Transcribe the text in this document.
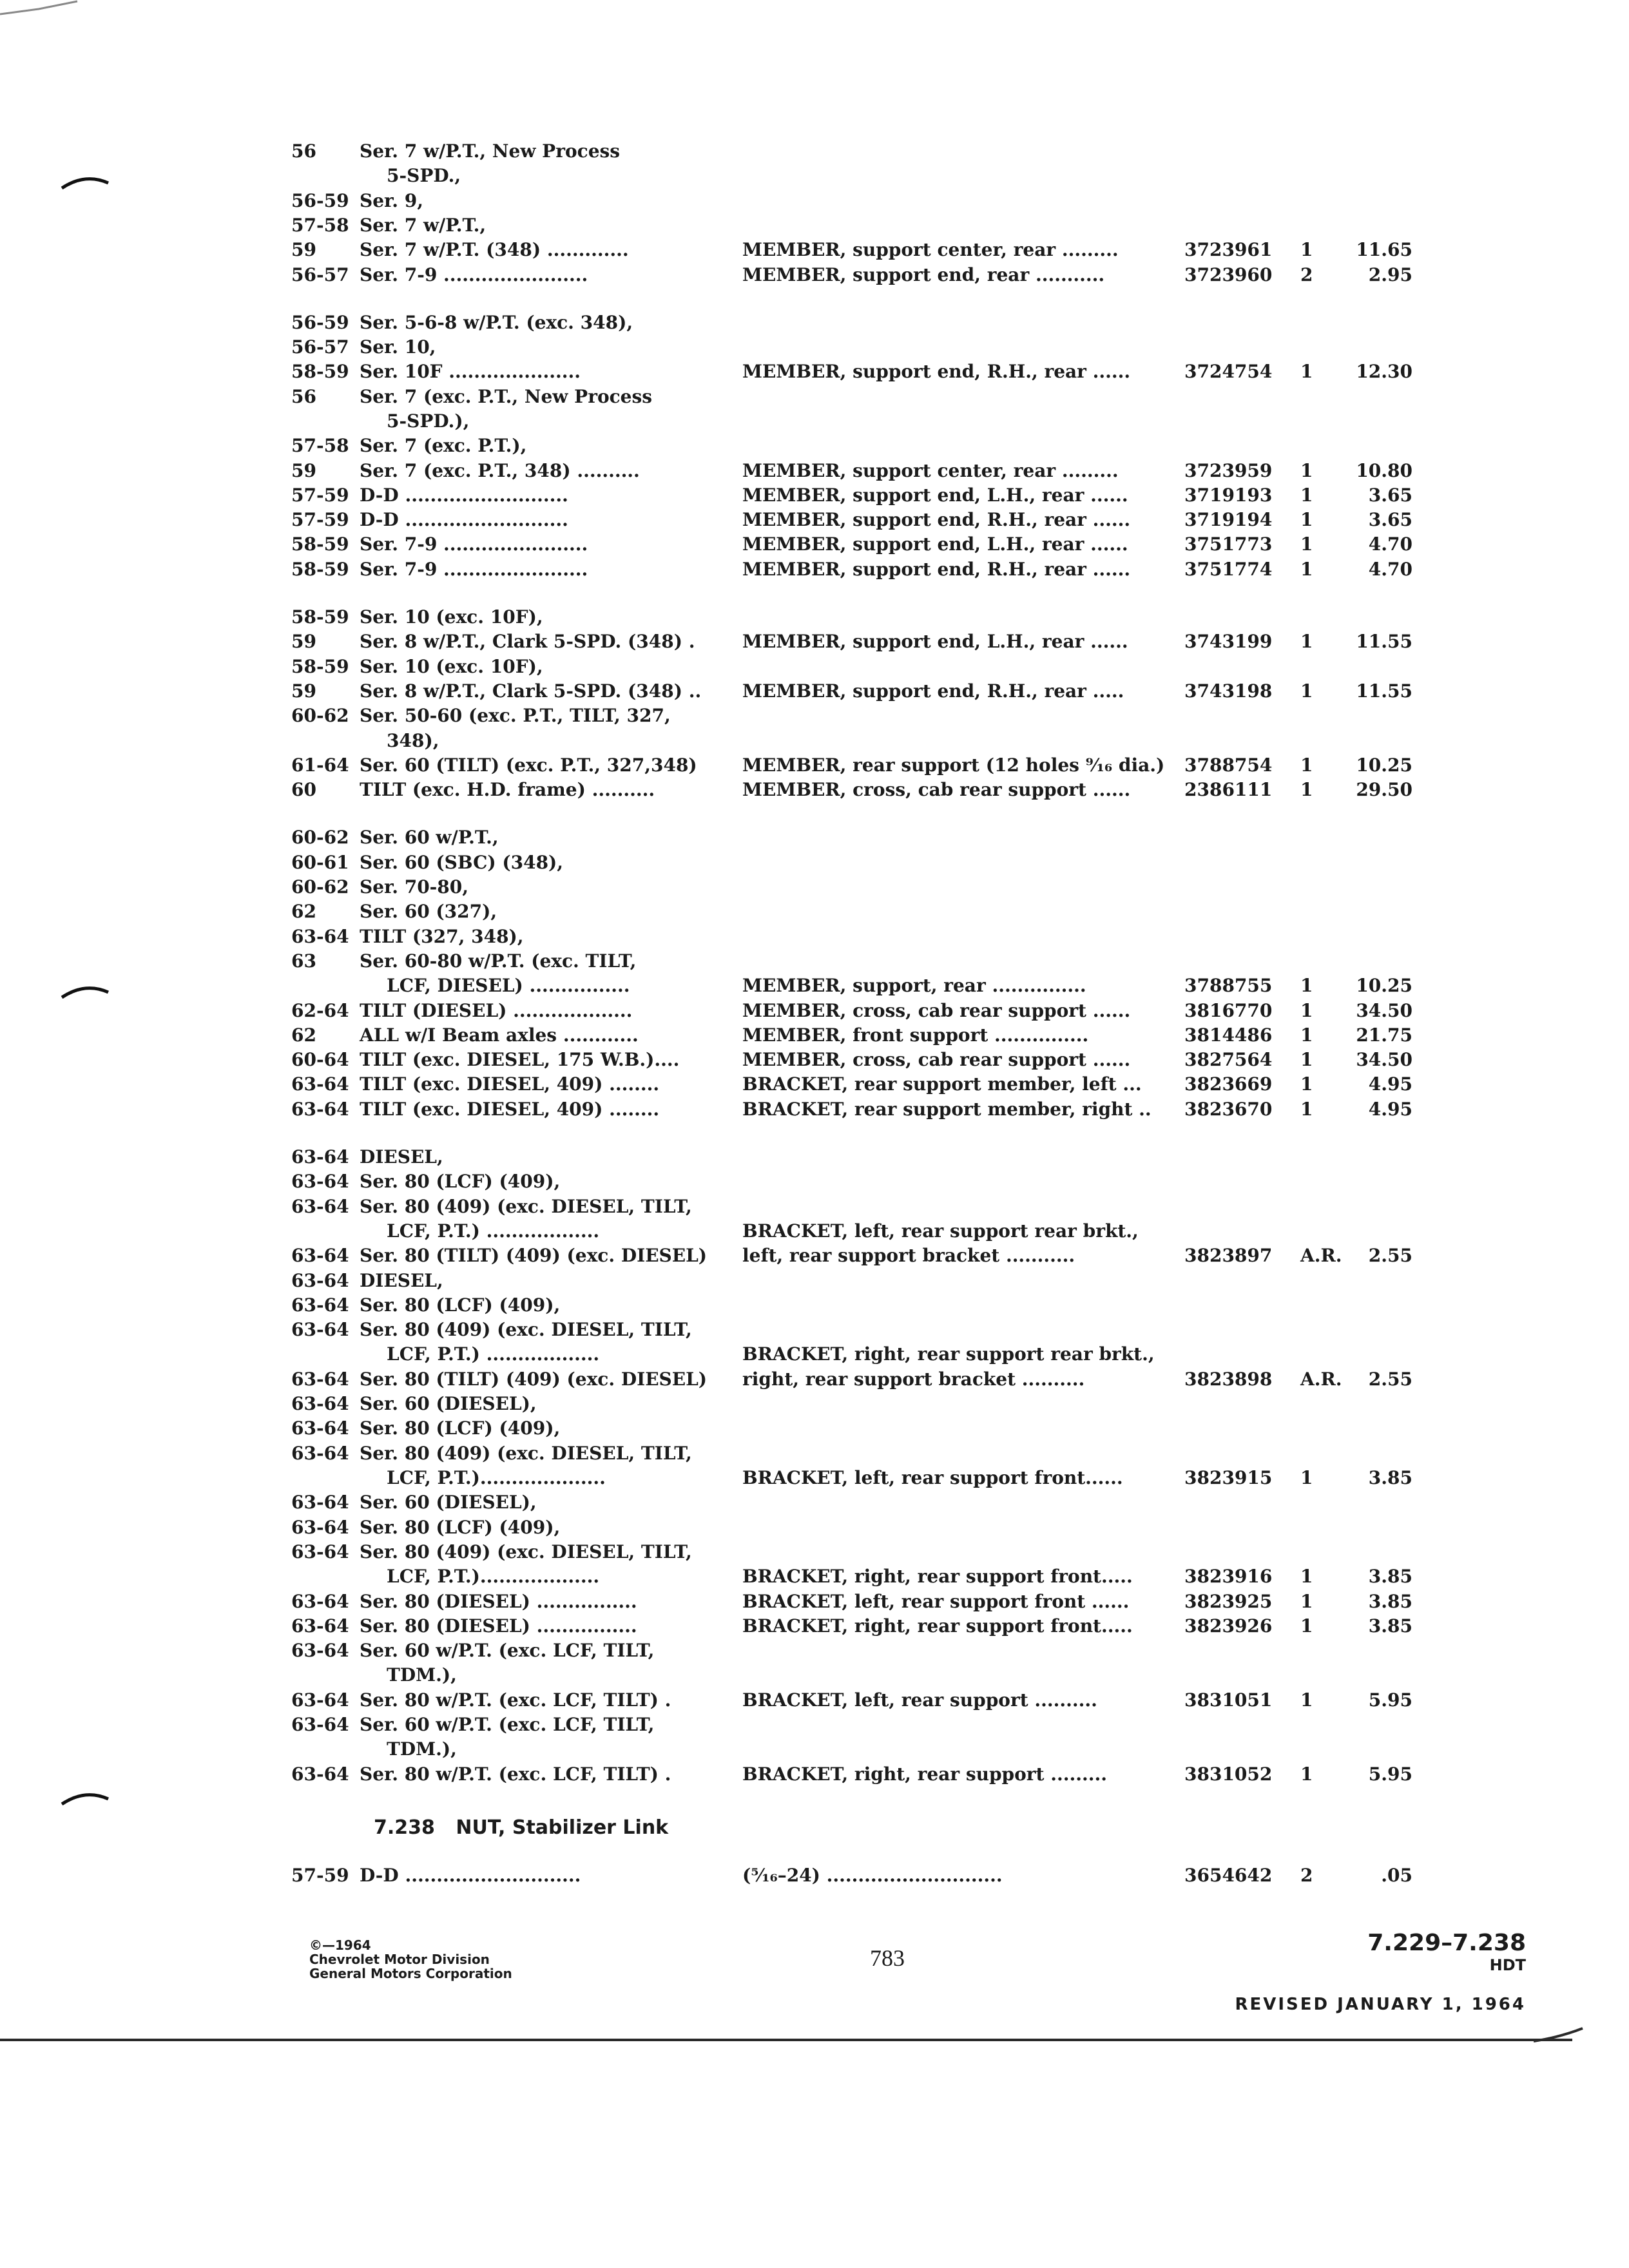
56 Ser. 7 w/P.T., New Process
5-SPD.,
56-59 Ser. 9,
57-58 Ser. 7 w/P.T.,
59 Ser. 7 w/P.T. (348) .............	MEMBER, support center, rear .........	3723961 1 11.65
56-57 Ser. 7-9 .......................	MEMBER, support end, rear ...........	3723960 2	2.95
56-59 Ser. 5-6-8 w/P.T. (exc. 348),
56-57 Ser. 10,
58-59 Ser. 10F .....................	MEMBER, support end, R.H., rear ......	3724754 1 12.30
56 Ser. 7 (exc. P.T., New Process
5-SPD.),
57-58 Ser. 7 (exc. P.T.),
59 Ser. 7 (exc. P.T., 348) ..........	MEMBER, support center, rear .........	3723959 1 10.80
57-59 D-D ..........................	MEMBER, support end, L.H., rear ......	3719193 1	3.65
57-59 D-D ..........................	MEMBER, support end, R.H., rear ......	3719194 1	3.65
58-59 Ser. 7-9 .......................	MEMBER, support end, L.H., rear ......	3751773 1	4.70
58-59 Ser. 7-9 .......................	MEMBER, support end, R.H., rear ......	3751774 1	4.70
58-59 Ser. 10 (exc. 10F),
59 Ser. 8 w/P.T., Clark 5-SPD. (348) .	MEMBER, support end, L.H., rear ......	3743199 1 11.55
58-59 Ser. 10 (exc. 10F),
59 Ser. 8 w/P.T., Clark 5-SPD. (348) .. MEMBER, support end, R.H., rear .....	3743198 1 11.55
60-62 Ser. 50-60 (exc. P.T., TILT, 327,
348),
61-64 Ser. 60 (TILT) (exc. P.T., 327,348)	MEMBER, rear support (12 holes ⁹⁄₁₆ dia.) 3788754 1 10.25
60 TILT (exc. H.D. frame) ..........	MEMBER, cross, cab rear support ......	2386111 1 29.50
60-62 Ser. 60 w/P.T.,
60-61 Ser. 60 (SBC) (348),
60-62 Ser. 70-80,
62 Ser. 60 (327),
63-64 TILT (327, 348),
63 Ser. 60-80 w/P.T. (exc. TILT,
LCF, DIESEL) ................	MEMBER, support, rear ...............	3788755 1 10.25
62-64 TILT (DIESEL) ...................	MEMBER, cross, cab rear support ......	3816770 1 34.50
62 ALL w/I Beam axles ............	MEMBER, front support ...............	3814486 1 21.75
60-64 TILT (exc. DIESEL, 175 W.B.)....	MEMBER, cross, cab rear support ......	3827564 1 34.50
63-64 TILT (exc. DIESEL, 409) ........	BRACKET, rear support member, left ... 3823669 1	4.95
63-64 TILT (exc. DIESEL, 409) ........	BRACKET, rear support member, right .. 3823670 1	4.95
63-64 DIESEL,
63-64 Ser. 80 (LCF) (409),
63-64 Ser. 80 (409) (exc. DIESEL, TILT,
LCF, P.T.) ..................	BRACKET, left, rear support rear brkt.,
63-64 Ser. 80 (TILT) (409) (exc. DIESEL) left, rear support bracket ...........	3823897 A.R. 2.55
63-64 DIESEL,
63-64 Ser. 80 (LCF) (409),
63-64 Ser. 80 (409) (exc. DIESEL, TILT,
LCF, P.T.) ..................	BRACKET, right, rear support rear brkt.,
63-64 Ser. 80 (TILT) (409) (exc. DIESEL) right, rear support bracket ..........	3823898 A.R. 2.55
63-64 Ser. 60 (DIESEL),
63-64 Ser. 80 (LCF) (409),
63-64 Ser. 80 (409) (exc. DIESEL, TILT,
LCF, P.T.)....................	BRACKET, left, rear support front......	3823915 1	3.85
63-64 Ser. 60 (DIESEL),
63-64 Ser. 80 (LCF) (409),
63-64 Ser. 80 (409) (exc. DIESEL, TILT,
LCF, P.T.)...................	BRACKET, right, rear support front.....	3823916 1	3.85
63-64 Ser. 80 (DIESEL) ................	BRACKET, left, rear support front ......	3823925 1	3.85
63-64 Ser. 80 (DIESEL) ................	BRACKET, right, rear support front.....	3823926 1	3.85
63-64 Ser. 60 w/P.T. (exc. LCF, TILT,
TDM.),
63-64 Ser. 80 w/P.T. (exc. LCF, TILT) .	BRACKET, left, rear support ..........	3831051 1	5.95
63-64 Ser. 60 w/P.T. (exc. LCF, TILT,
TDM.),
63-64 Ser. 80 w/P.T. (exc. LCF, TILT) .	BRACKET, right, rear support .........	3831052 1	5.95
7.238 NUT, Stabilizer Link
57-59 D-D ............................	(⁵⁄₁₆–24) ............................	3654642 2	.05
©—1964
Chevrolet Motor Division
General Motors Corporation
783
7.229–7.238
HDT
REVISED JANUARY 1, 1964
